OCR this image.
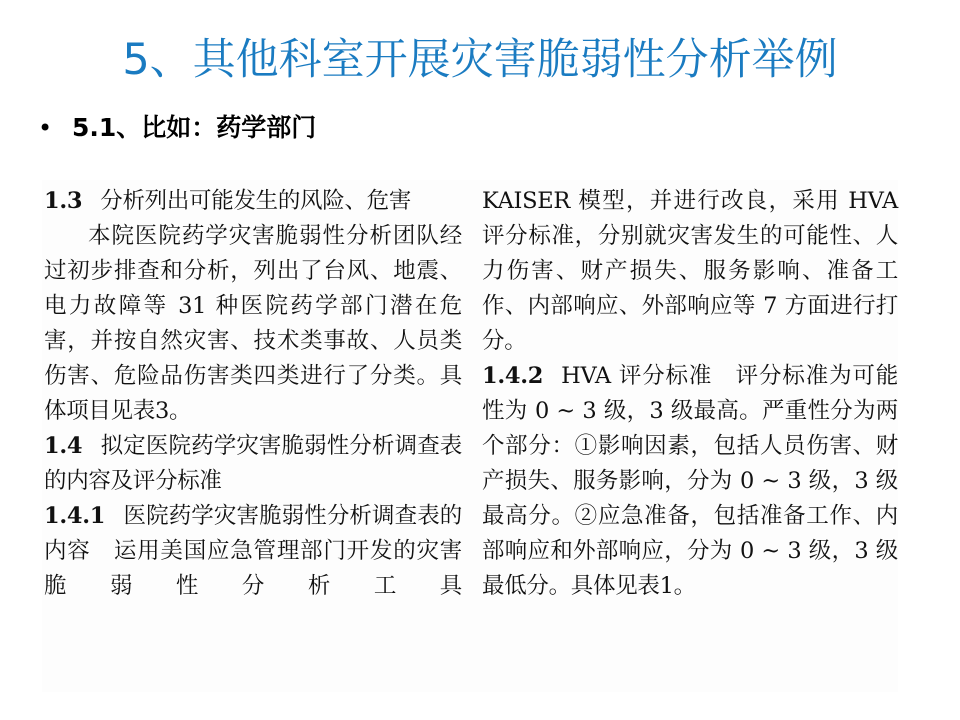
5、其他科室开展灾害脆弱性分析举例
• 5.1、比如：药学部门

1.3 分析列出可能发生的风险、危害

本院医院药学灾害脆弱性分析团队经过初步排查和分析，列出了台风、地震、电力故障等 31 种医院药学部门潜在危害，并按自然灾害、技术类事故、人员类伤害、危险品伤害类四类进行了分类。具体项目见表3。

1.4 拟定医院药学灾害脆弱性分析调查表的内容及评分标准

1.4.1 医院药学灾害脆弱性分析调查表的内容　运用美国应急管理部门开发的灾害脆弱性分析工具

KAISER 模型，并进行改良，采用 HVA 评分标准，分别就灾害发生的可能性、人力伤害、财产损失、服务影响、准备工作、内部响应、外部响应等 7 方面进行打分。

1.4.2 HVA 评分标准　评分标准为可能性为 0 ~ 3 级，3 级最高。严重性分为两个部分：①影响因素，包括人员伤害、财产损失、服务影响，分为 0 ~ 3 级，3 级最高分。②应急准备，包括准备工作、内部响应和外部响应，分为 0 ~ 3 级，3 级最低分。具体见表1。
